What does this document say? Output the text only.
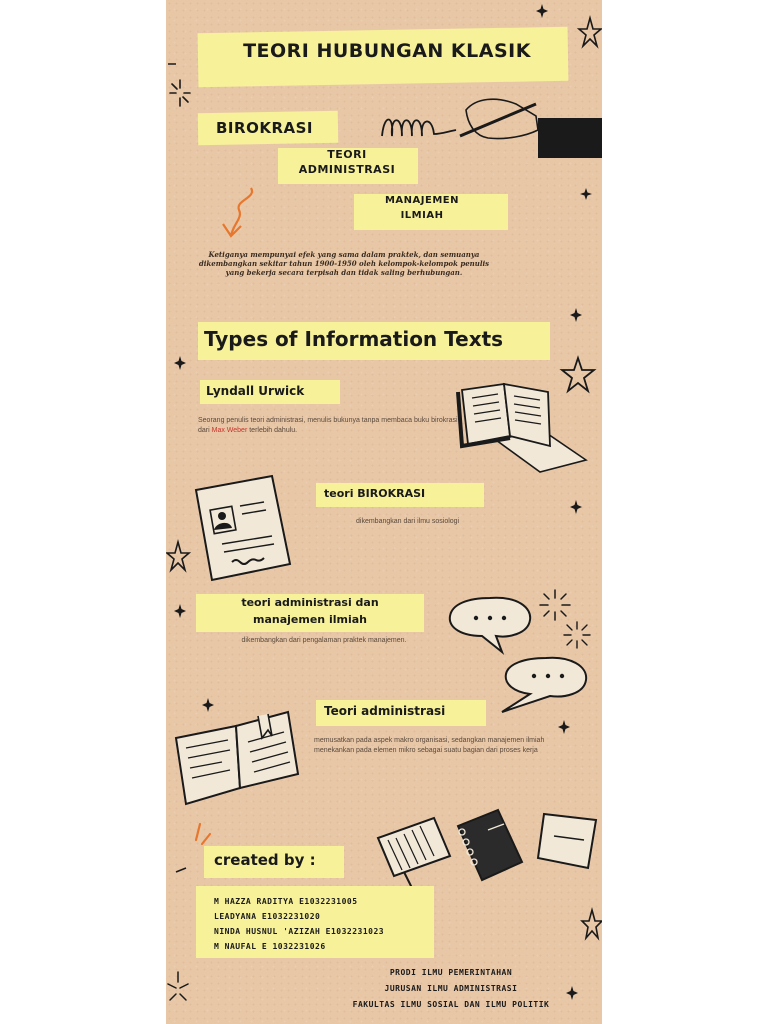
TEORI HUBUNGAN KLASIK
BIROKRASI
TEORI ADMINISTRASI
MANAJEMEN ILMIAH
Ketiganya mempunyai efek yang sama dalam praktek, dan semuanya dikembangkan sekitar tahun 1900-1950 oleh kelompok-kelompok penulis yang bekerja secara terpisah dan tidak saling berhubungan.
Types of Information Texts
Lyndall Urwick
Seorang penulis teori administrasi, menulis bukunya tanpa membaca buku birokrasi dari Max Weber terlebih dahulu.
teori BIROKRASI
dikembangkan dari ilmu sosiologi
teori administrasi dan manajemen ilmiah
dikembangkan dari pengalaman praktek manajemen.
Teori administrasi
memusatkan pada aspek makro organisasi, sedangkan manajemen ilmiah menekankan pada elemen mikro sebagai suatu bagian dari proses kerja
created by :
M HAZZA RADITYA E1032231005
LEADYANA E1032231020
NINDA HUSNUL 'AZIZAH E1032231023
M NAUFAL E 1032231026
PRODI ILMU PEMERINTAHAN
JURUSAN ILMU ADMINISTRASI
FAKULTAS ILMU SOSIAL DAN ILMU POLITIK
